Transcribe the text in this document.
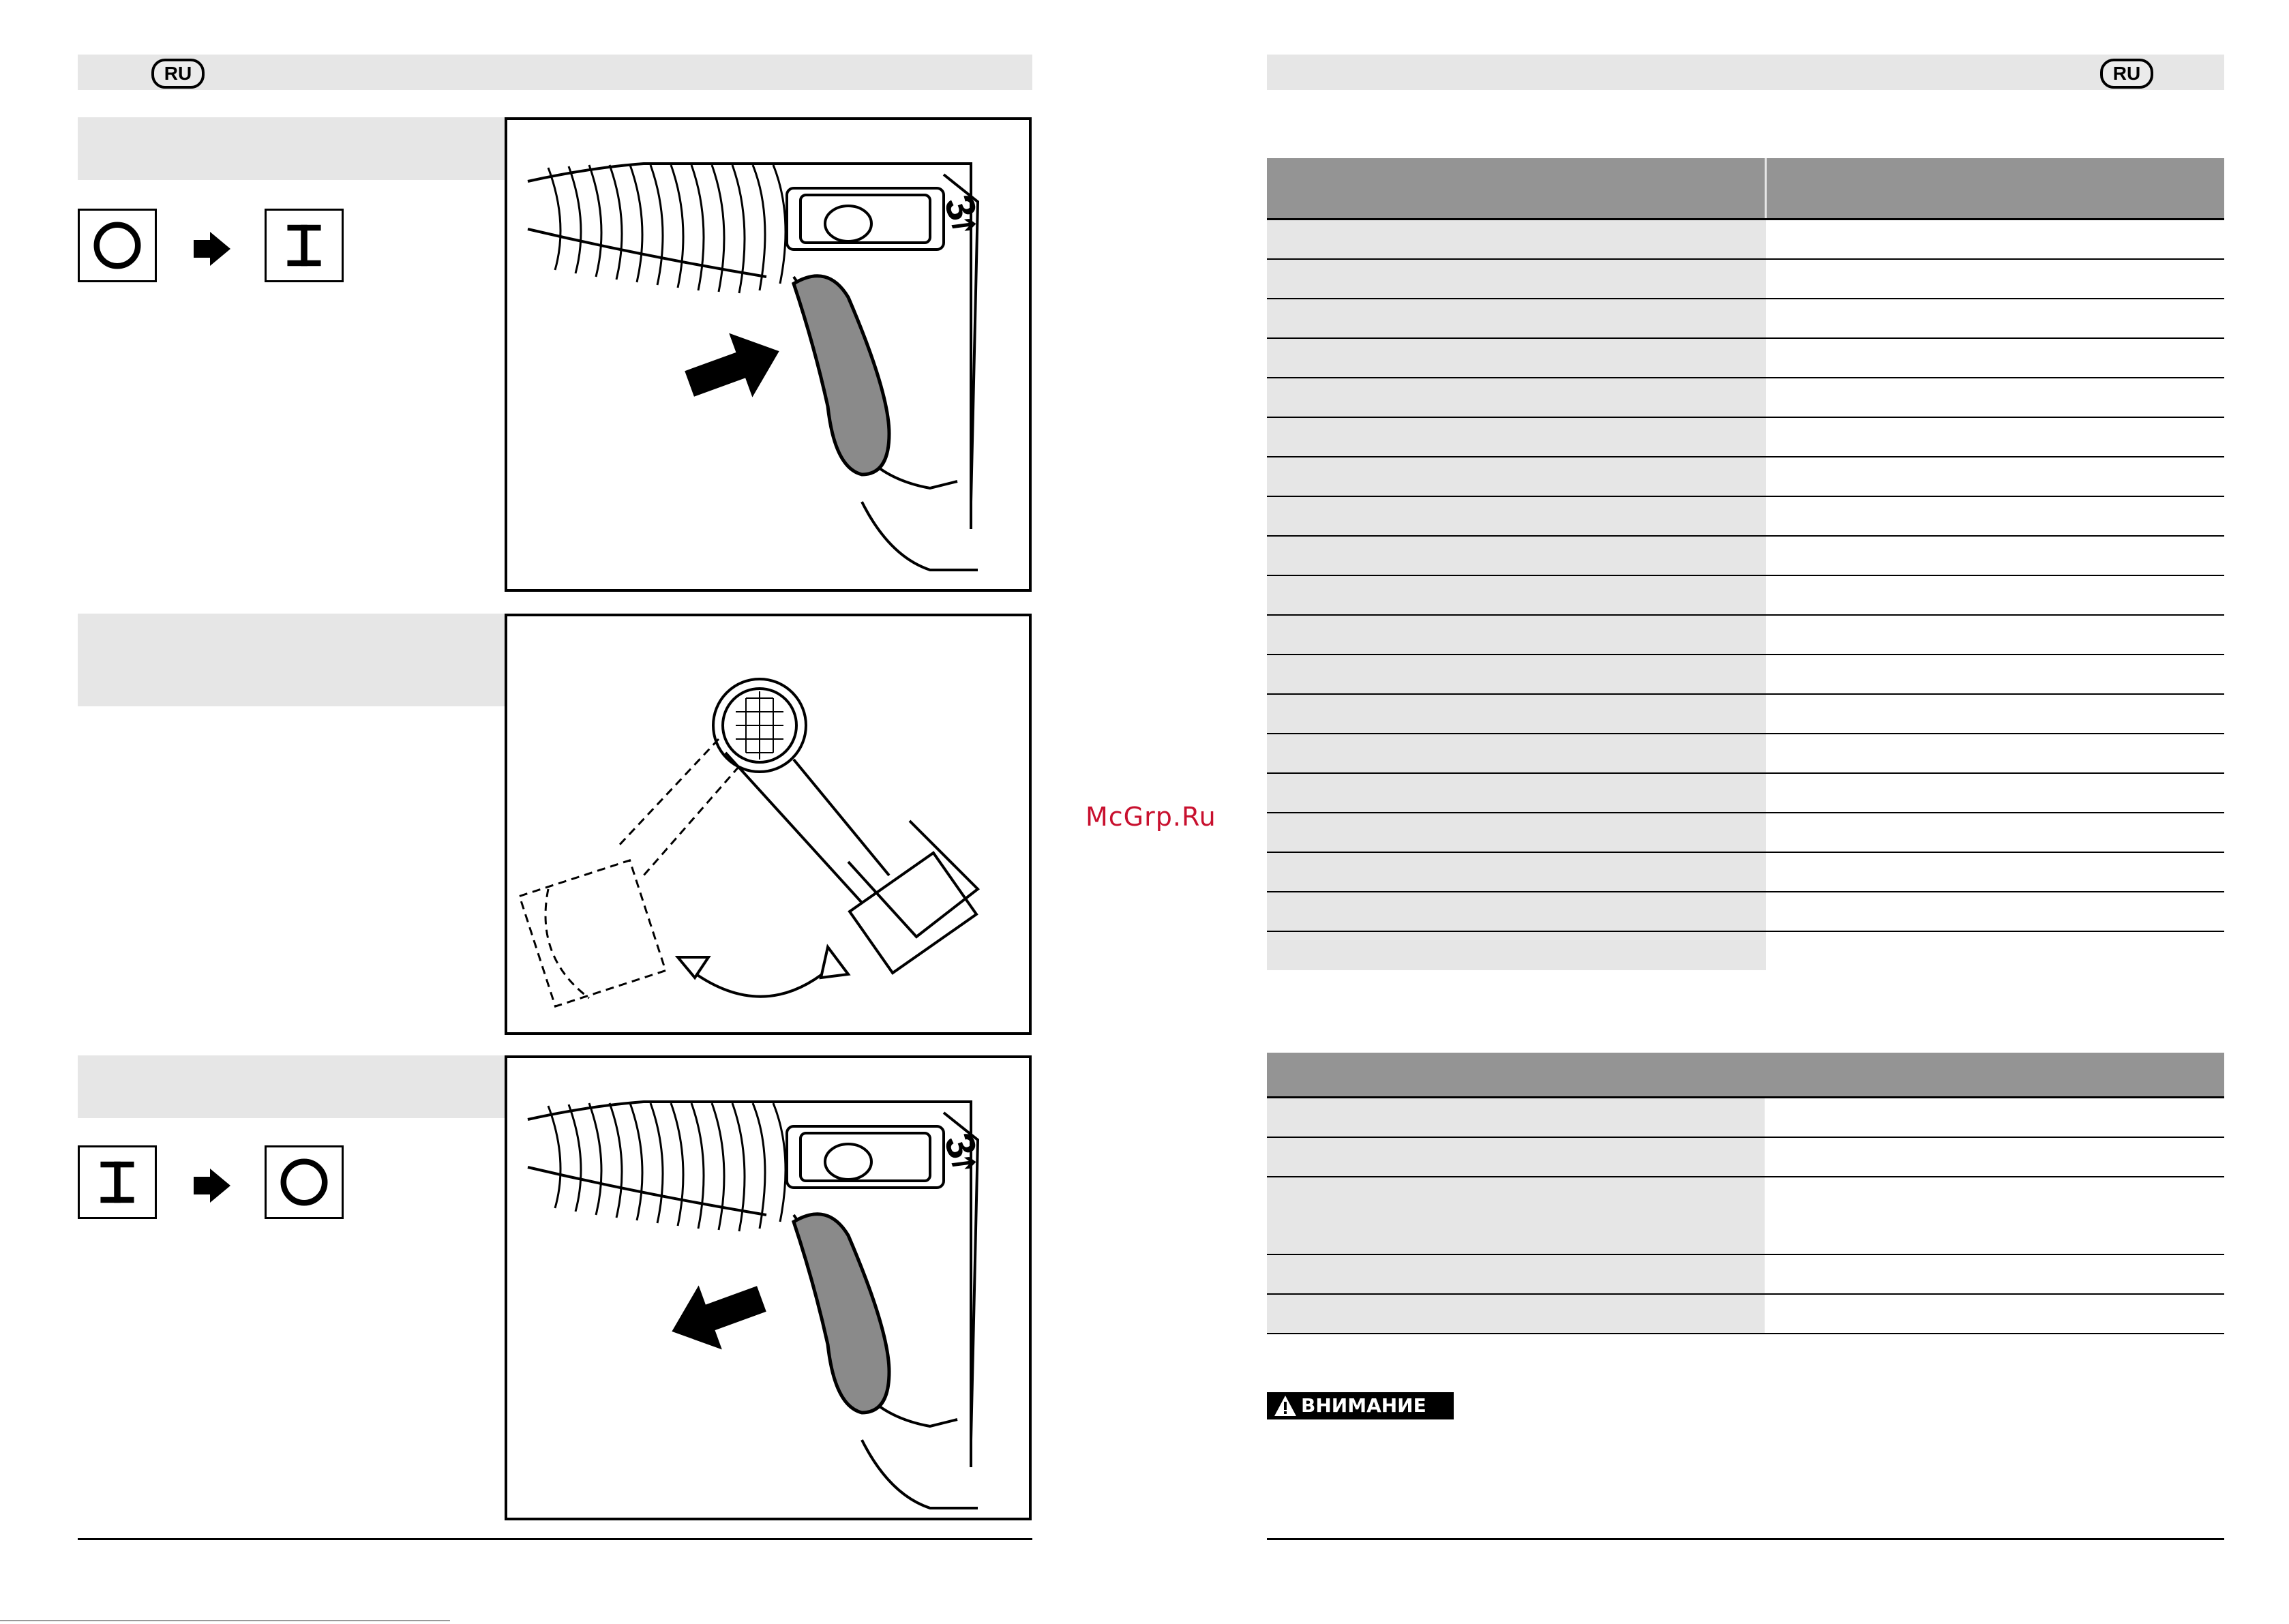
RU
3⭎
3⭎
McGrp.Ru
RU

ВНИМАНИЕ
